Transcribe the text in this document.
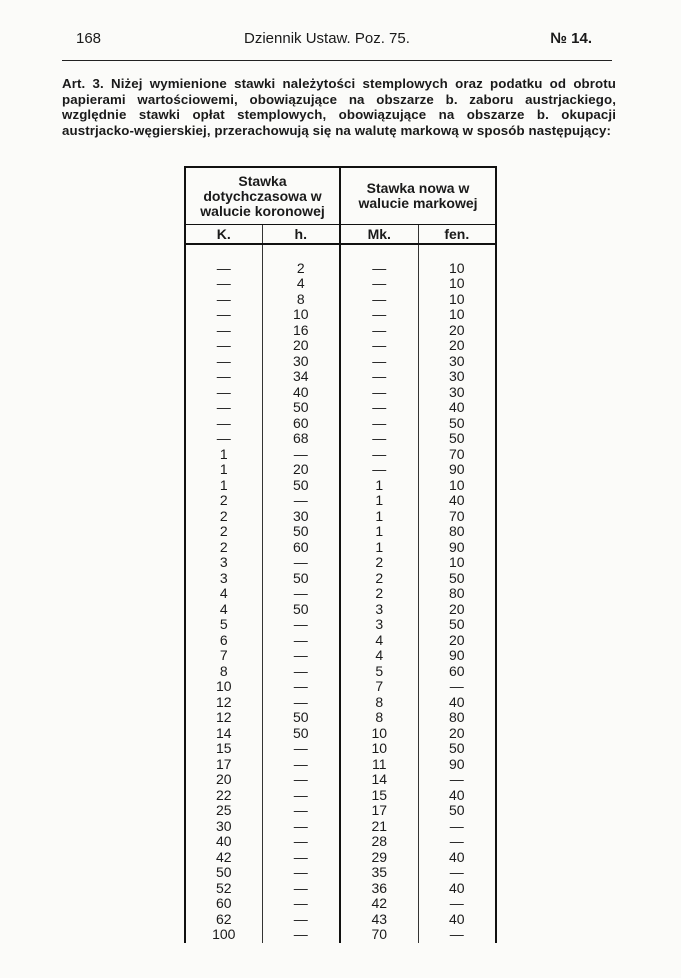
168	Dziennik Ustaw. Poz. 75.	№ 14.
Art. 3. Niżej wymienione stawki należytości stemplowych oraz podatku od obrotu papierami wartościowemi, obowiązujące na obszarze b. zaboru austrjackiego, względnie stawki opłat stemplowych, obowiązujące na obszarze b. okupacji austrjacko-węgierskiej, przerachowują się na walutę markową w sposób następujący:
Stawka dotychczasowa w walucie koronowej		Stawka nowa w walucie markowej	
K.	h.	Mk.	fen.

—	2	—	10
—	4	—	10
—	8	—	10
—	10	—	10
—	16	—	20
—	20	—	20
—	30	—	30
—	34	—	30
—	40	—	30
—	50	—	40
—	60	—	50
—	68	—	50
1	—	—	70
1	20	—	90
1	50	1	10
2	—	1	40
2	30	1	70
2	50	1	80
2	60	1	90
3	—	2	10
3	50	2	50
4	—	2	80
4	50	3	20
5	—	3	50
6	—	4	20
7	—	4	90
8	—	5	60
10	—	7	—
12	—	8	40
12	50	8	80
14	50	10	20
15	—	10	50
17	—	11	90
20	—	14	—
22	—	15	40
25	—	17	50
30	—	21	—
40	—	28	—
42	—	29	40
50	—	35	—
52	—	36	40
60	—	42	—
62	—	43	40
100	—	70	—
